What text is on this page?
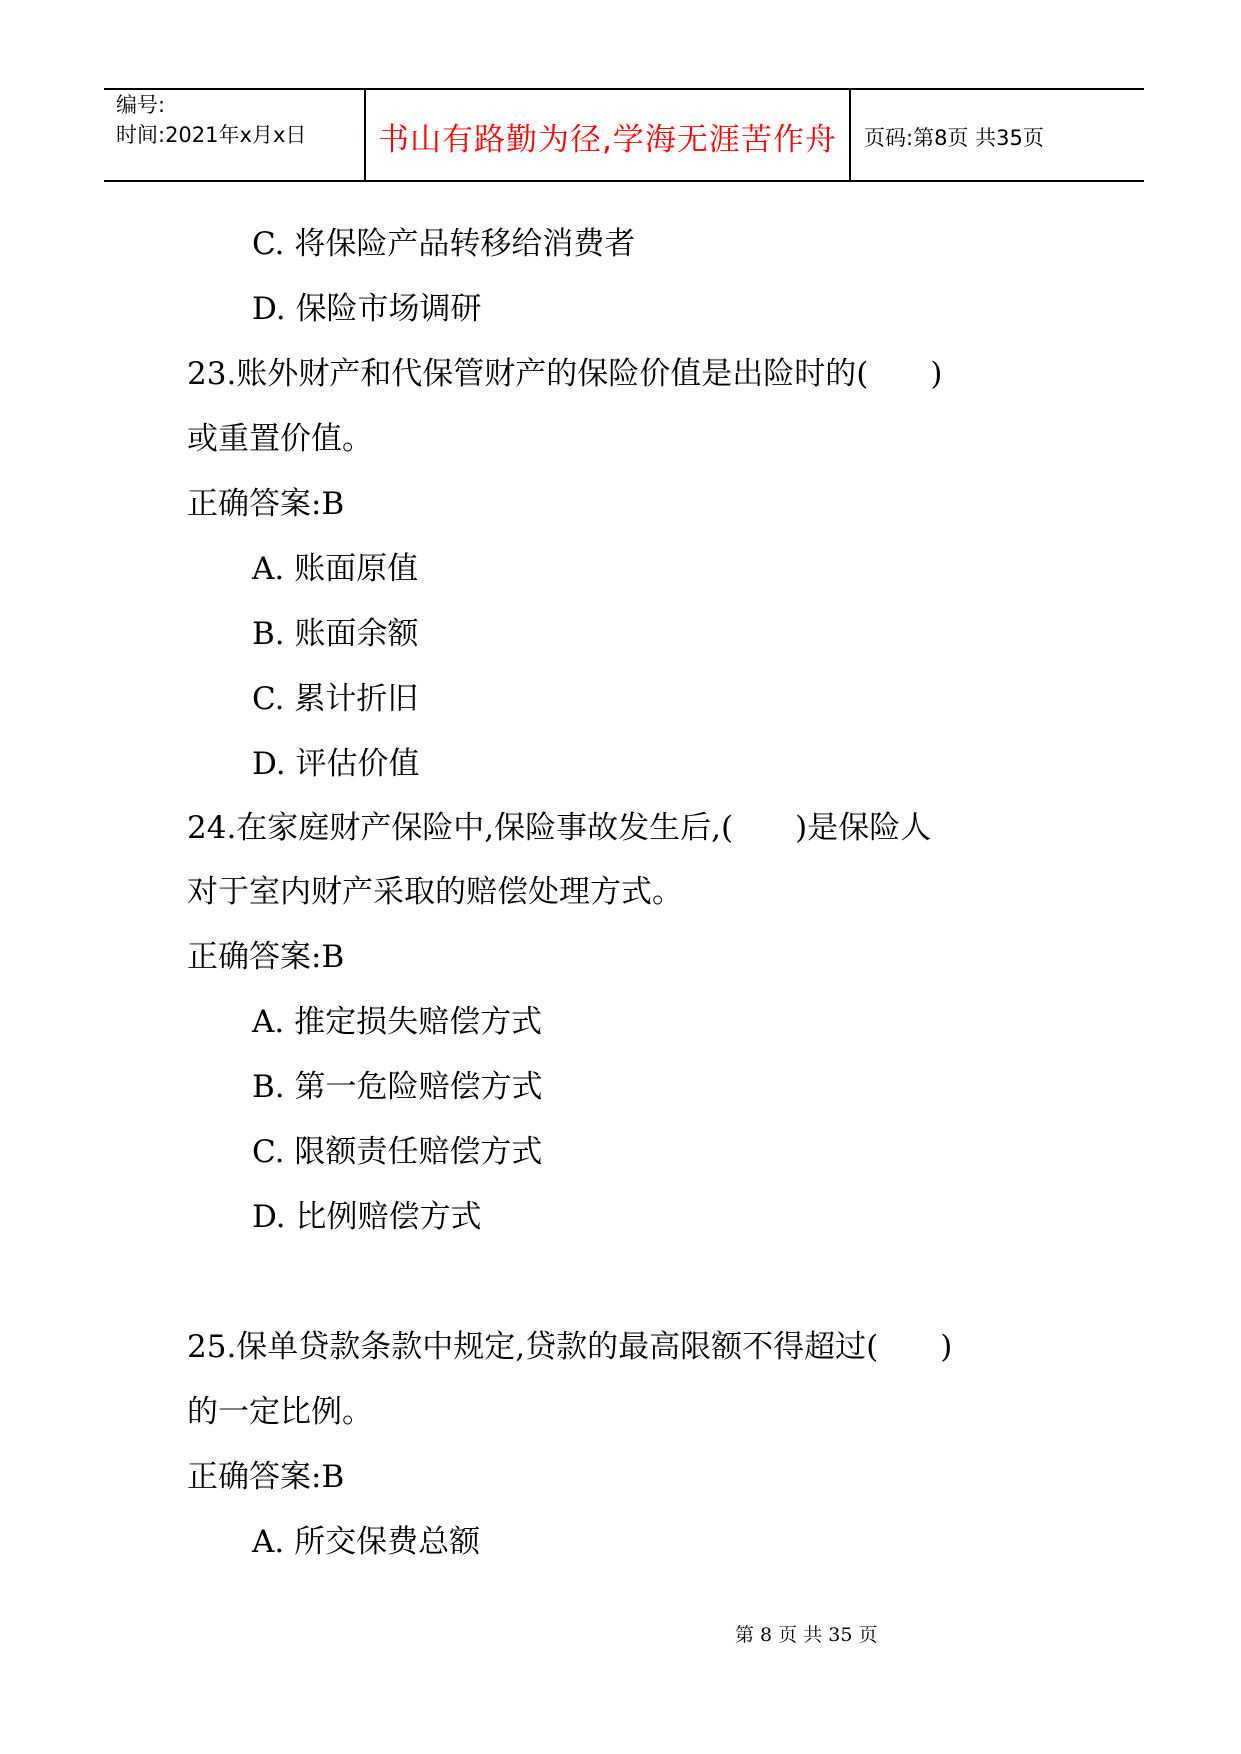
编号:
时间:2021年x月x日	书山有路勤为径,学海无涯苦作舟	页码:第8页 共35页
C. 将保险产品转移给消费者
D. 保险市场调研
23.账外财产和代保管财产的保险价值是出险时的(　　)
或重置价值。
正确答案:B
A. 账面原值
B. 账面余额
C. 累计折旧
D. 评估价值
24.在家庭财产保险中,保险事故发生后,(　　)是保险人
对于室内财产采取的赔偿处理方式。
正确答案:B
A. 推定损失赔偿方式
B. 第一危险赔偿方式
C. 限额责任赔偿方式
D. 比例赔偿方式
25.保单贷款条款中规定,贷款的最高限额不得超过(　　)
的一定比例。
正确答案:B
A. 所交保费总额
第 8 页 共 35 页
